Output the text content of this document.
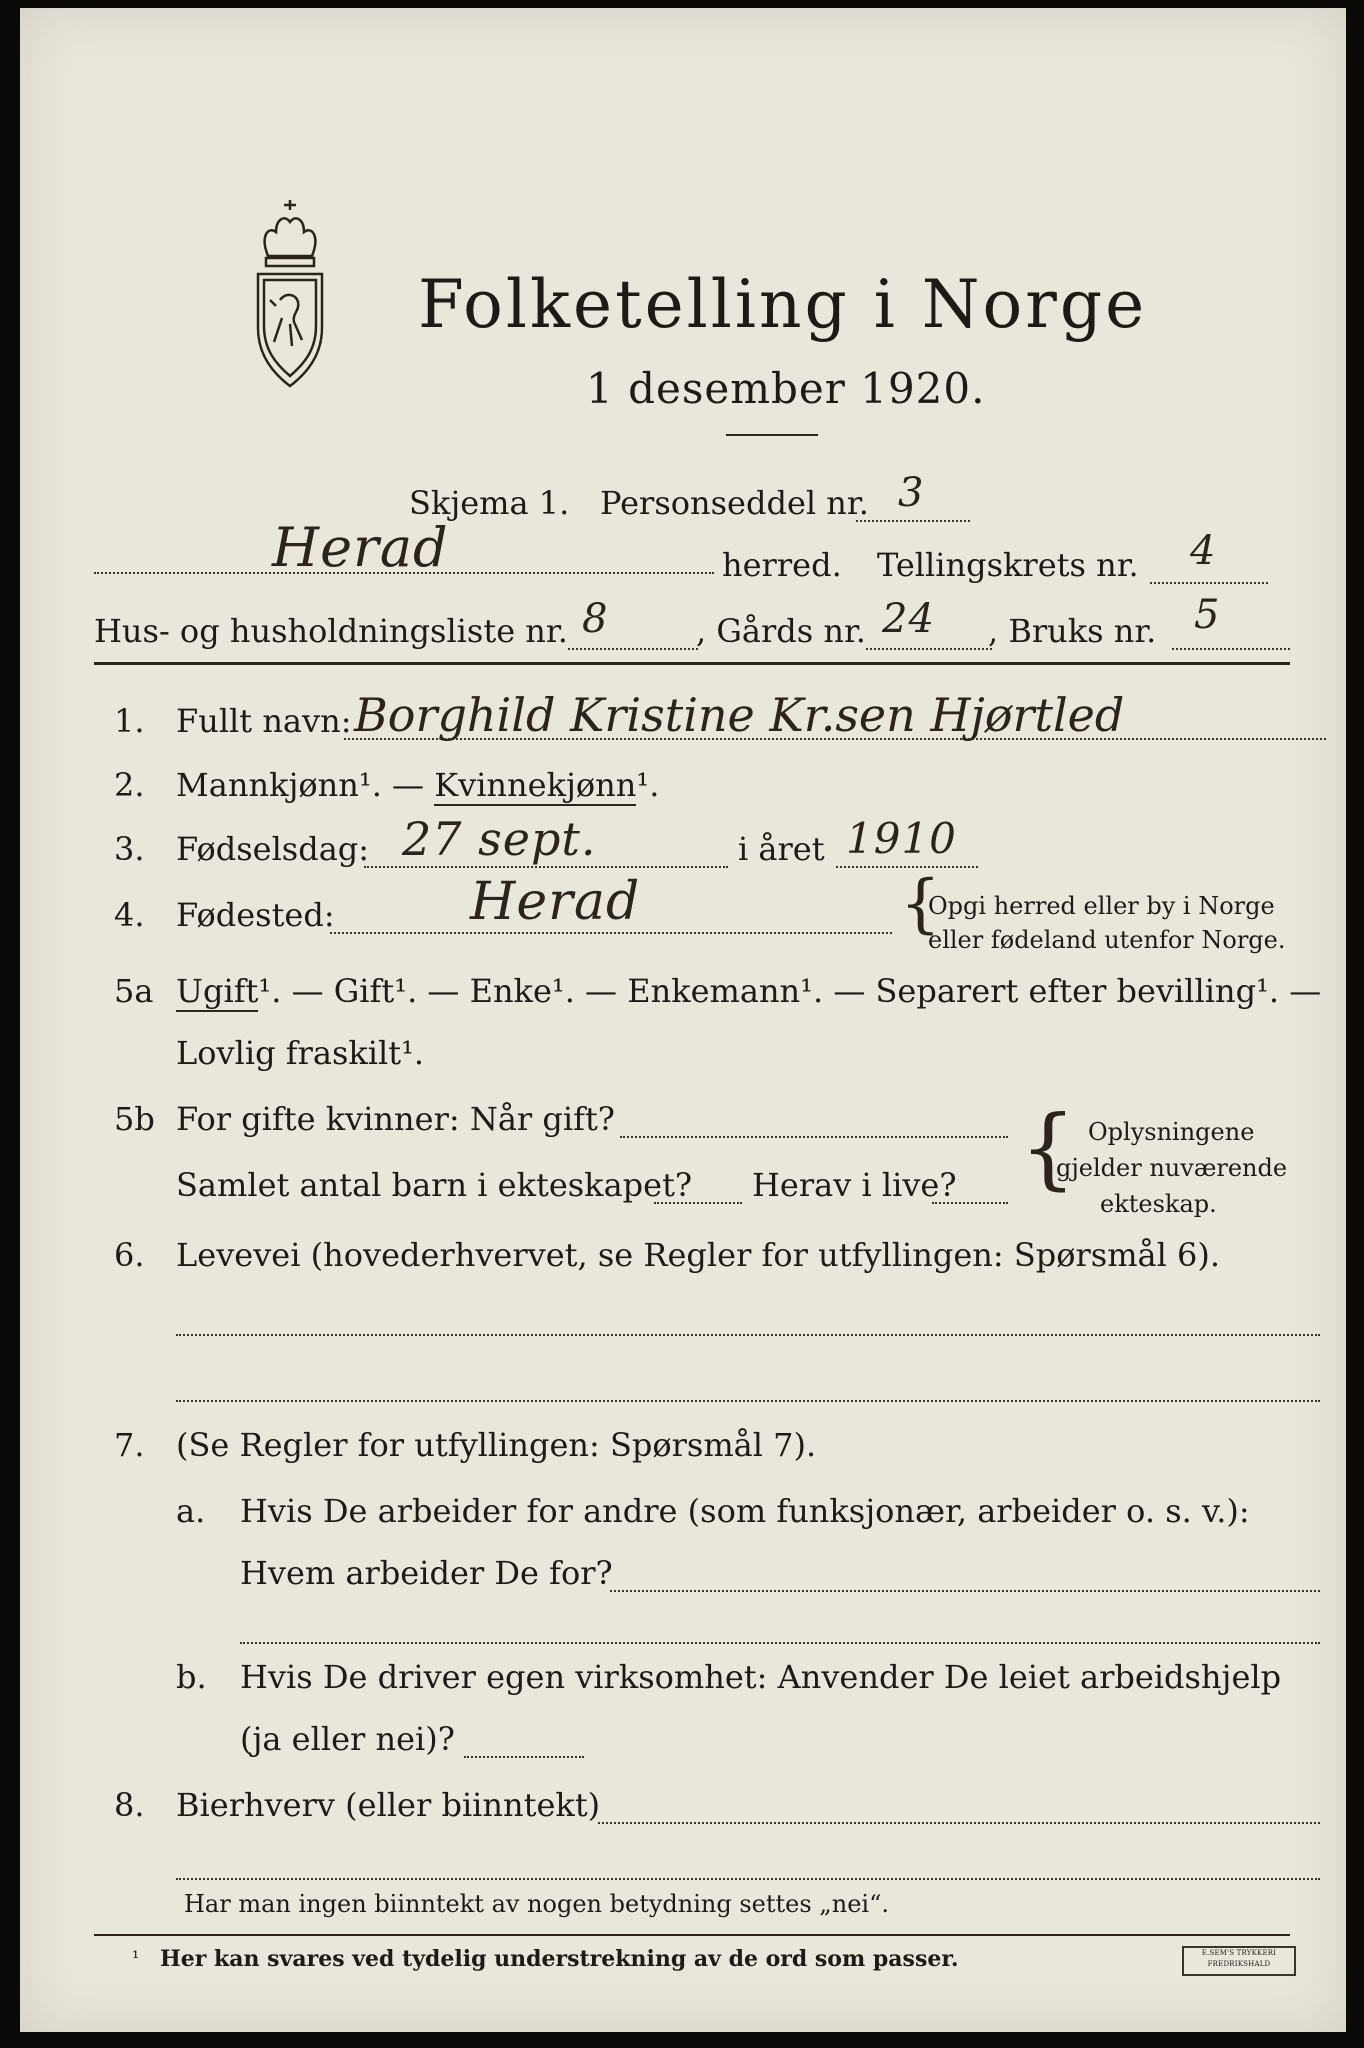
Folketelling i Norge
1 desember 1920.
Skjema 1. Personseddel nr. 3
Herad	herred. Tellingskrets nr. 4
Hus- og husholdningsliste nr. 8	, Gårds nr. 24 , Bruks nr. 5
1. Fullt navn: Borghild Kristine Kr.sen Hjørtled
2. Mannkjønn¹. — Kvinnekjønn¹.
3. Fødselsdag: 27 sept.	i året 1910
4. Fødested:	Herad	{
Opgi herred eller by i Norge
eller fødeland utenfor Norge.
5a Ugift¹. — Gift¹. — Enke¹. — Enkemann¹. — Separert efter bevilling¹. —
Lovlig fraskilt¹.
5b For gifte kvinner: Når gift?
Samlet antal barn i ekteskapet? Herav i live? { Oplysningene
gjelder nuværende
ekteskap.
6. Levevei (hovederhvervet, se Regler for utfyllingen: Spørsmål 6).
7. (Se Regler for utfyllingen: Spørsmål 7).
a. Hvis De arbeider for andre (som funksjonær, arbeider o. s. v.):
Hvem arbeider De for?
b. Hvis De driver egen virksomhet: Anvender De leiet arbeidshjelp
(ja eller nei)?
8. Bierhverv (eller biinntekt)
Har man ingen biinntekt av nogen betydning settes „nei“.
¹ Her kan svares ved tydelig understrekning av de ord som passer.	E.SEM'S TRYKKERI FREDRIKSHALD
